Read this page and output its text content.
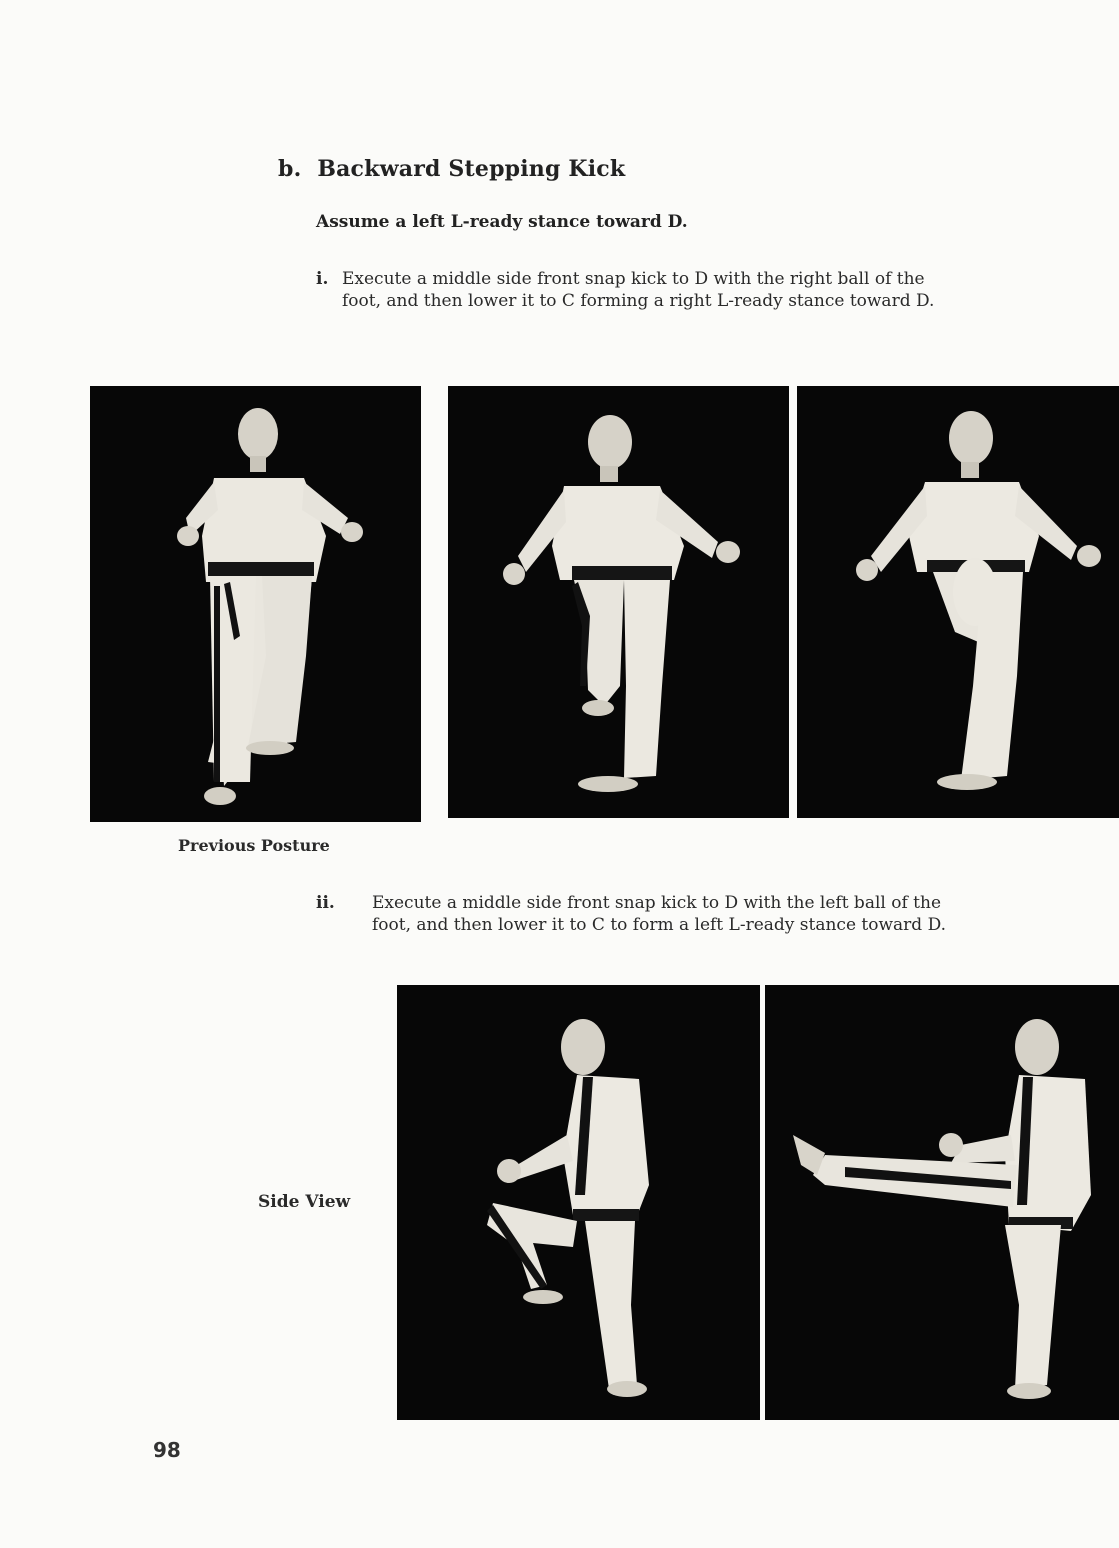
b. Backward Stepping Kick
Assume a left L-ready stance toward D.
i. Execute a middle side front snap kick to D with the right ball of the
foot, and then lower it to C forming a right L-ready stance toward D.
Previous Posture
ii. Execute a middle side front snap kick to D with the left ball of the
foot, and then lower it to C to form a left L-ready stance toward D.
Side View
98
